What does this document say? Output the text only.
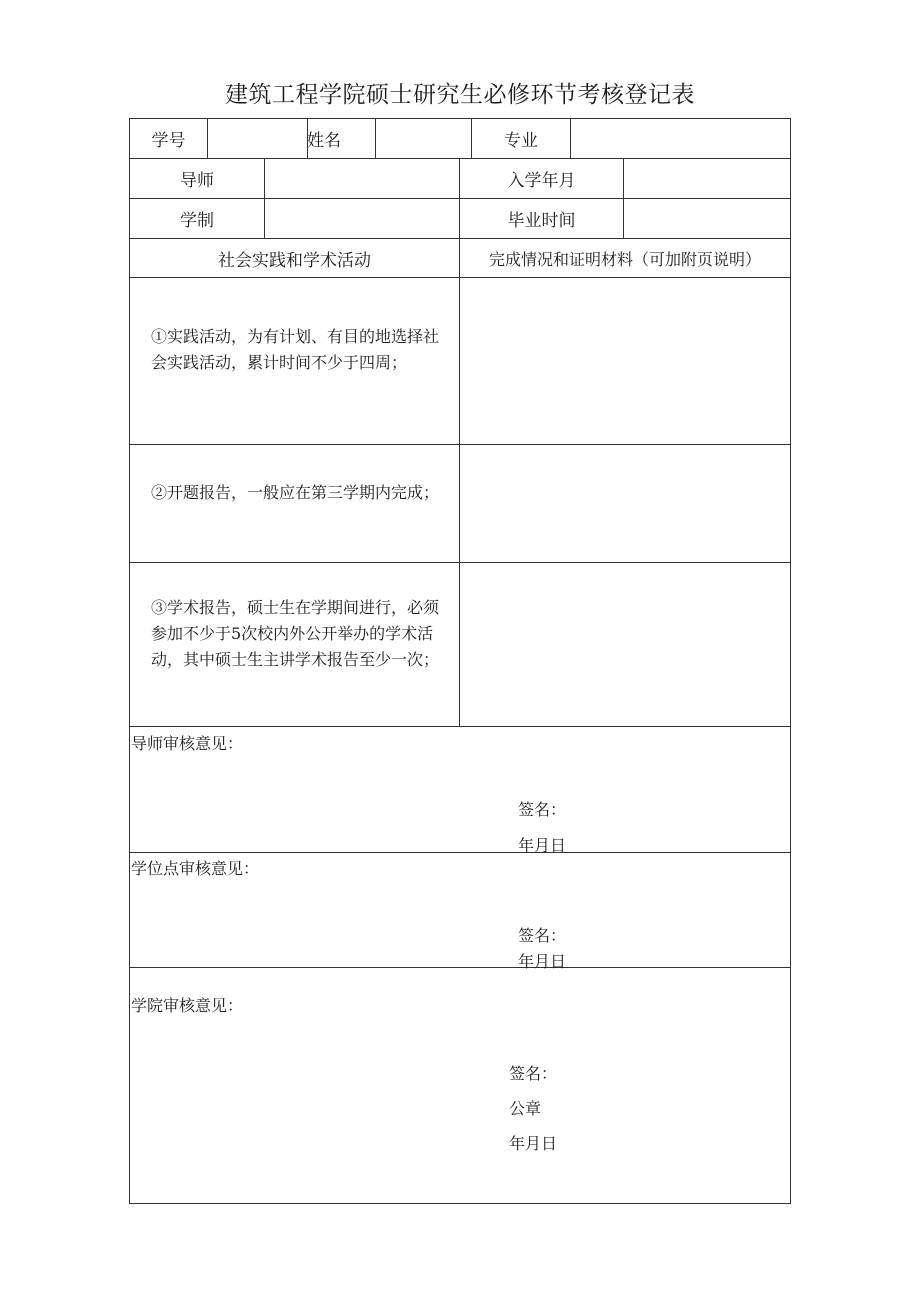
建筑工程学院硕士研究生必修环节考核登记表
学号	姓名	专业
导师	入学年月
学制	毕业时间
社会实践和学术活动	完成情况和证明材料（可加附页说明）
①实践活动，为有计划、有目的地选择社会实践活动，累计时间不少于四周；
②开题报告，一般应在第三学期内完成；
③学术报告，硕士生在学期间进行，必须参加不少于5次校内外公开举办的学术活动，其中硕士生主讲学术报告至少一次；
导师审核意见：
签名：
年月日
学位点审核意见：
签名：
年月日
学院审核意见：
签名：
公章
年月日
